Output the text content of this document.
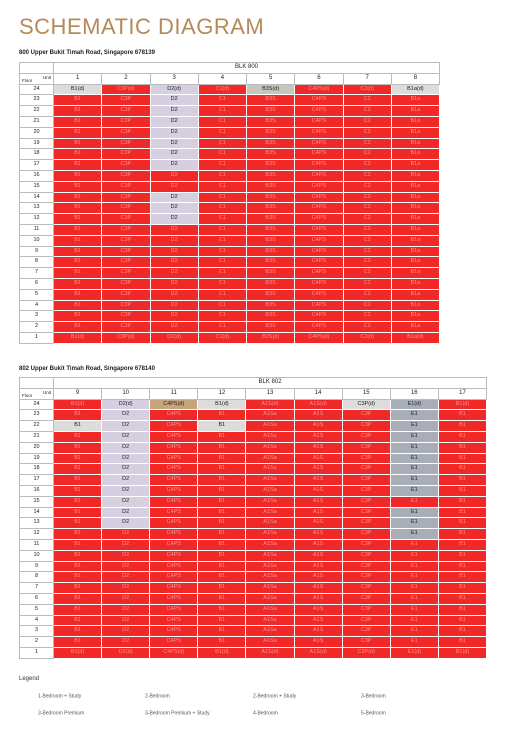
SCHEMATIC DIAGRAM
800 Upper Bukit Timah Road, Singapore 678139
	BLK 800							

Unit
Floor	1	2	3	4	5	6	7	8
24	B1(d)	C3P(d)	D2(d)	C1(d)	B3S(d)	C4PS(d)	C2(d)	B1a(d)
23	B1	C3P	D2	C1	B3S	C4PS	C2	B1a
22	B1	C3P	D2	C1	B3S	C4PS	C2	B1a
21	B1	C3P	D2	C1	B3S	C4PS	C2	B1a
20	B1	C3P	D2	C1	B3S	C4PS	C2	B1a
19	B1	C3P	D2	C1	B3S	C4PS	C2	B1a
18	B1	C3P	D2	C1	B3S	C4PS	C2	B1a
17	B1	C3P	D2	C1	B3S	C4PS	C2	B1a
16	B1	C3P	D2	C1	B3S	C4PS	C2	B1a
15	B1	C3P	D2	C1	B3S	C4PS	C2	B1a
14	B1	C3P	D2	C1	B3S	C4PS	C2	B1a
13	B1	C3P	D2	C1	B3S	C4PS	C2	B1a
12	B1	C3P	D2	C1	B3S	C4PS	C2	B1a
11	B1	C3P	D2	C1	B3S	C4PS	C2	B1a
10	B1	C3P	D2	C1	B3S	C4PS	C2	B1a
9	B1	C3P	D2	C1	B3S	C4PS	C2	B1a
8	B1	C3P	D2	C1	B3S	C4PS	C2	B1a
7	B1	C3P	D2	C1	B3S	C4PS	C2	B1a
6	B1	C3P	D2	C1	B3S	C4PS	C2	B1a
5	B1	C3P	D2	C1	B3S	C4PS	C2	B1a
4	B1	C3P	D2	C1	B3S	C4PS	C2	B1a
3	B1	C3P	D2	C1	B3S	C4PS	C2	B1a
2	B1	C3P	D2	C1	B3S	C4PS	C2	B1a
1	B1(d)	C3P(d)	D2(d)	C1(d)	B3S(d)	C4PS(d)	C2(d)	B1a(d)
802 Upper Bukit Timah Road, Singapore 678140
	BLK 802								

Unit
Floor	9	10	11	12	13	14	15	16	17
24	B1(d)	D2(d)	C4PS(d)	B1(d)	A1S(d)	A1S(d)	C3P(d)	E1(d)	B1(d)
23	B1	D2	C4PS	B1	A1Sa	A1S	C3P	E1	B1
22	B1	D2	C4PS	B1	A1Sa	A1S	C3P	E1	B1
21	B1	D2	C4PS	B1	A1Sa	A1S	C3P	E1	B1
20	B1	D2	C4PS	B1	A1Sa	A1S	C3P	E1	B1
19	B1	D2	C4PS	B1	A1Sa	A1S	C3P	E1	B1
18	B1	D2	C4PS	B1	A1Sa	A1S	C3P	E1	B1
17	B1	D2	C4PS	B1	A1Sa	A1S	C3P	E1	B1
16	B1	D2	C4PS	B1	A1Sa	A1S	C3P	E1	B1
15	B1	D2	C4PS	B1	A1Sa	A1S	C3P	E1	B1
14	B1	D2	C4PS	B1	A1Sa	A1S	C3P	E1	B1
13	B1	D2	C4PS	B1	A1Sa	A1S	C3P	E1	B1
12	B1	D2	C4PS	B1	A1Sa	A1S	C3P	E1	B1
11	B1	D2	C4PS	B1	A1Sa	A1S	C3P	E1	B1
10	B1	D2	C4PS	B1	A1Sa	A1S	C3P	E1	B1
9	B1	D2	C4PS	B1	A1Sa	A1S	C3P	E1	B1
8	B1	D2	C4PS	B1	A1Sa	A1S	C3P	E1	B1
7	B1	D2	C4PS	B1	A1Sa	A1S	C3P	E1	B1
6	B1	D2	C4PS	B1	A1Sa	A1S	C3P	E1	B1
5	B1	D2	C4PS	B1	A1Sa	A1S	C3P	E1	B1
4	B1	D2	C4PS	B1	A1Sa	A1S	C3P	E1	B1
3	B1	D2	C4PS	B1	A1Sa	A1S	C3P	E1	B1
2	B1	D2	C4PS	B1	A1Sa	A1S	C3P	E1	B1
1	B1(d)	D2(d)	C4PS(d)	B1(d)	A1S(d)	A1S(d)	C3P(d)	E1(d)	B1(d)
Legend
1-Bedroom + Study	2-Bedroom	2-Bedroom + Study	3-Bedroom
3-Bedroom Premium	3-Bedroom Premium + Study	4-Bedroom	5-Bedroom
